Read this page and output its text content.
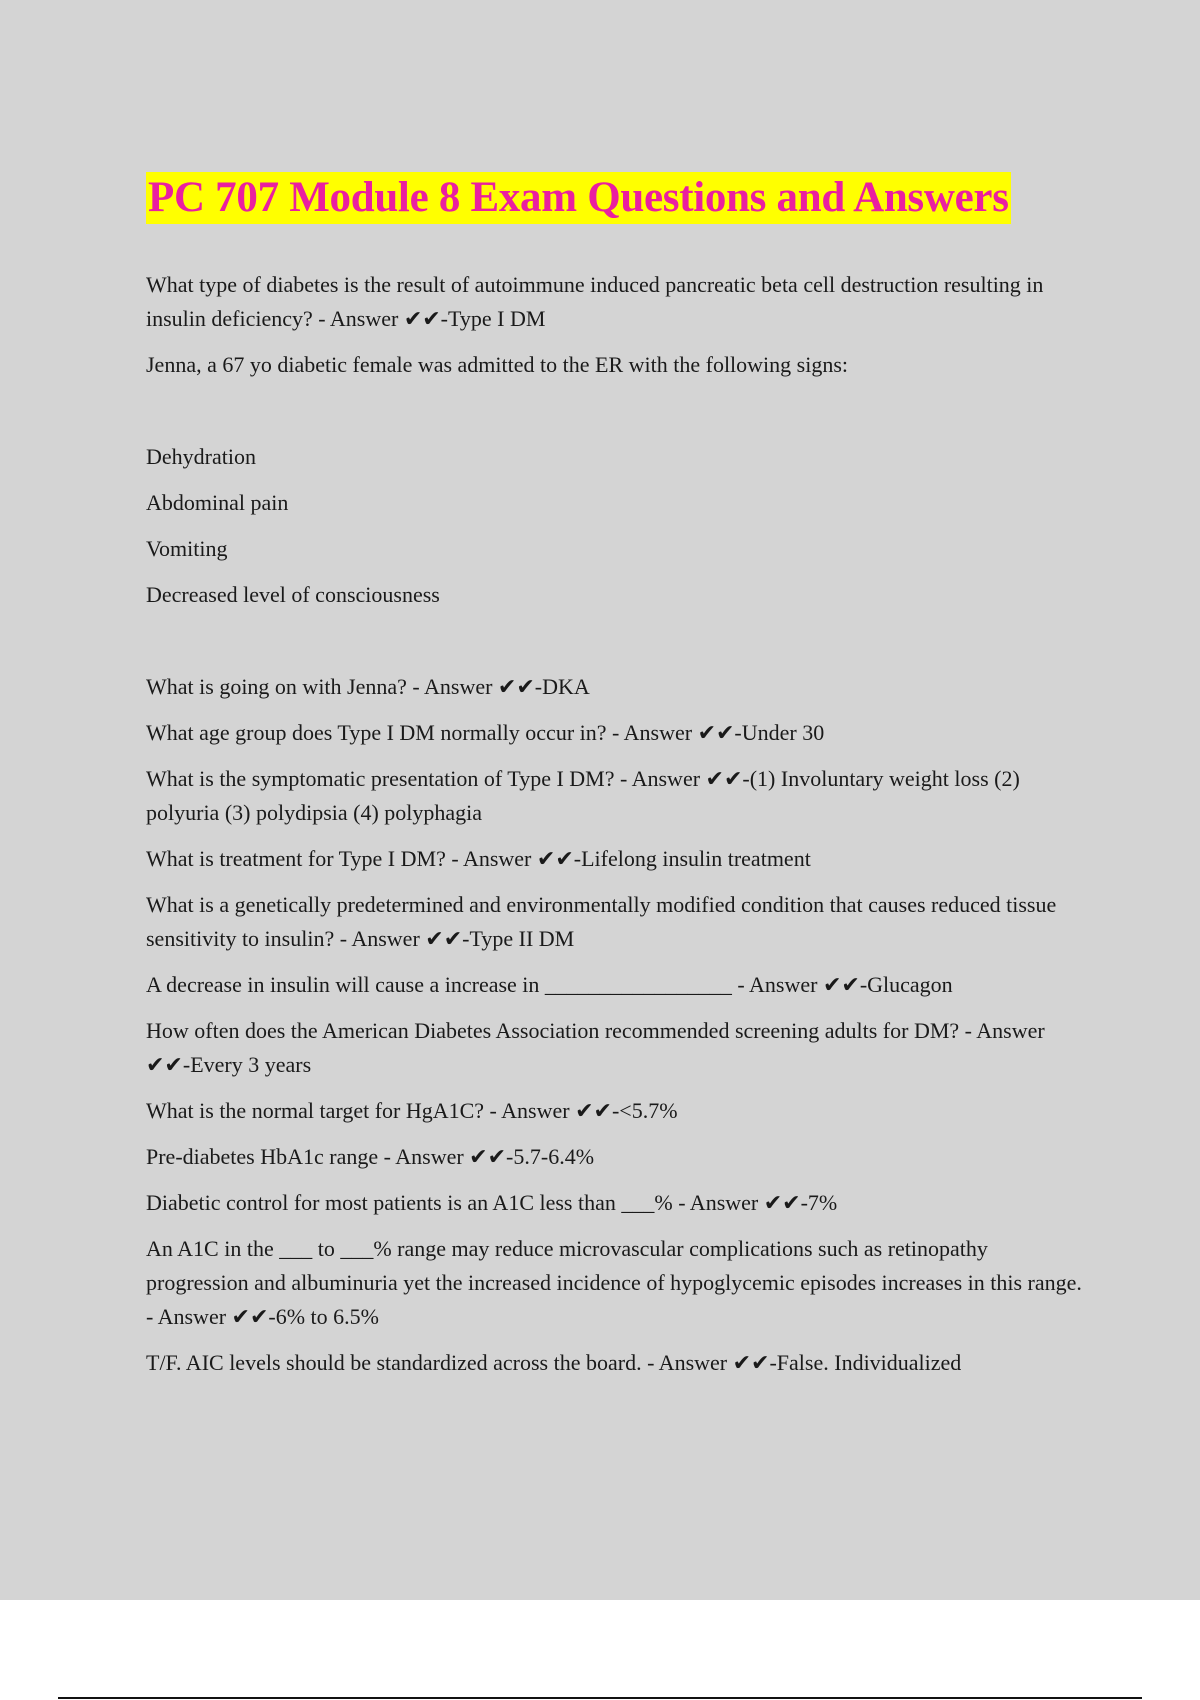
PC 707 Module 8 Exam Questions and Answers

What type of diabetes is the result of autoimmune induced pancreatic beta cell destruction resulting in insulin deficiency? - Answer ✔✔-Type I DM

Jenna, a 67 yo diabetic female was admitted to the ER with the following signs:

Dehydration

Abdominal pain

Vomiting

Decreased level of consciousness

What is going on with Jenna? - Answer ✔✔-DKA

What age group does Type I DM normally occur in? - Answer ✔✔-Under 30

What is the symptomatic presentation of Type I DM? - Answer ✔✔-(1) Involuntary weight loss (2) polyuria (3) polydipsia (4) polyphagia

What is treatment for Type I DM? - Answer ✔✔-Lifelong insulin treatment

What is a genetically predetermined and environmentally modified condition that causes reduced tissue sensitivity to insulin? - Answer ✔✔-Type II DM

A decrease in insulin will cause a increase in _________________ - Answer ✔✔-Glucagon

How often does the American Diabetes Association recommended screening adults for DM? - Answer ✔✔-Every 3 years

What is the normal target for HgA1C? - Answer ✔✔-<5.7%

Pre-diabetes HbA1c range - Answer ✔✔-5.7-6.4%

Diabetic control for most patients is an A1C less than ___% - Answer ✔✔-7%

An A1C in the ___ to ___% range may reduce microvascular complications such as retinopathy progression and albuminuria yet the increased incidence of hypoglycemic episodes increases in this range. - Answer ✔✔-6% to 6.5%

T/F. AIC levels should be standardized across the board. - Answer ✔✔-False. Individualized
